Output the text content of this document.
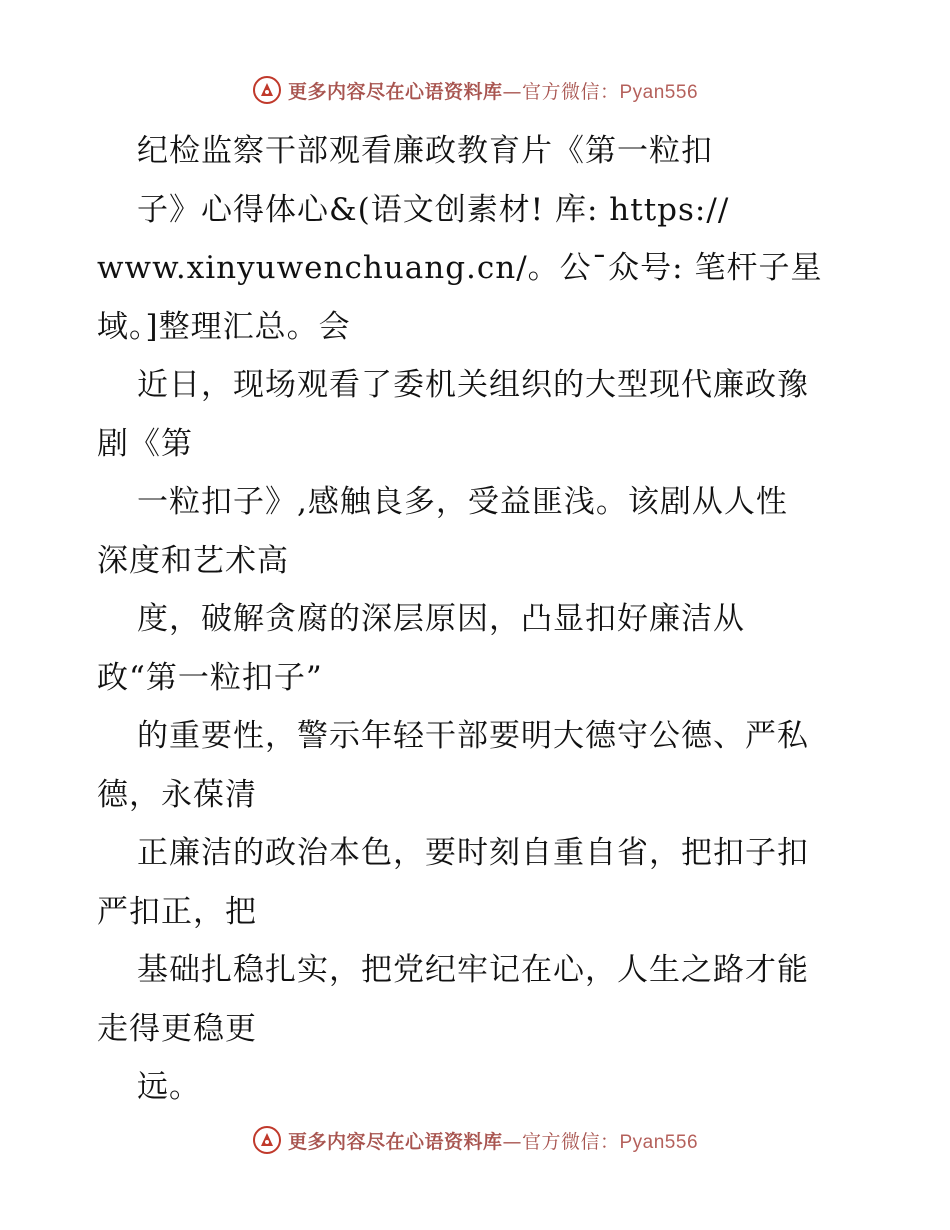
更多内容尽在心语资料库—官方微信：Pyan556
纪检监察干部观看廉政教育片《第一粒扣
子》心得体心&(语文创素材! 库: https://
www.xinyuwenchuang.cn/。公¯众号: 笔杆子星
域。]整理汇总。会
近日，现场观看了委机关组织的大型现代廉政豫
剧《第
一粒扣子》,感触良多，受益匪浅。该剧从人性
深度和艺术高
度，破解贪腐的深层原因，凸显扣好廉洁从
政“第一粒扣子”
的重要性，警示年轻干部要明大德守公德、严私
德，永葆清
正廉洁的政治本色，要时刻自重自省，把扣子扣
严扣正，把
基础扎稳扎实，把党纪牢记在心，人生之路才能
走得更稳更
远。
更多内容尽在心语资料库—官方微信：Pyan556
